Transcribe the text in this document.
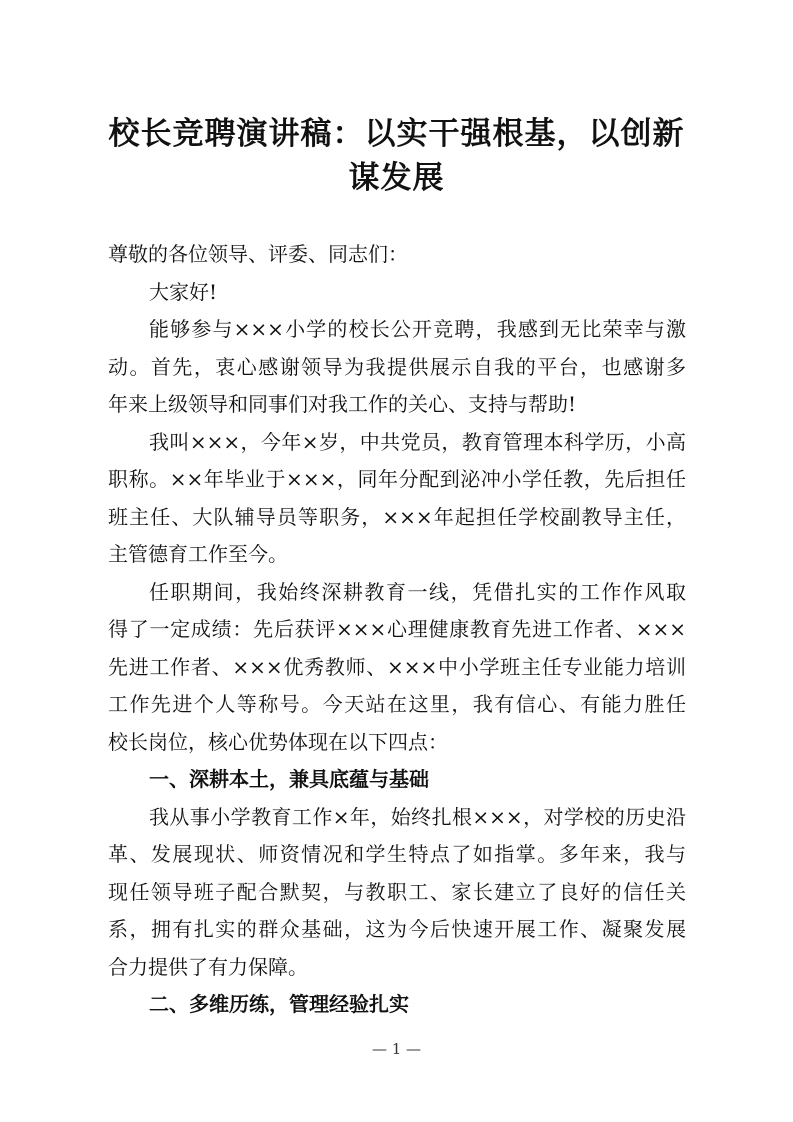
校长竞聘演讲稿：以实干强根基，以创新
谋发展
尊敬的各位领导、评委、同志们：
大家好!
能够参与×××小学的校长公开竞聘，我感到无比荣幸与激
动。首先，衷心感谢领导为我提供展示自我的平台，也感谢多
年来上级领导和同事们对我工作的关心、支持与帮助!
我叫×××，今年×岁，中共党员，教育管理本科学历，小高
职称。××年毕业于×××，同年分配到泌冲小学任教，先后担任
班主任、大队辅导员等职务，×××年起担任学校副教导主任，
主管德育工作至今。
任职期间，我始终深耕教育一线，凭借扎实的工作作风取
得了一定成绩：先后获评×××心理健康教育先进工作者、×××
先进工作者、×××优秀教师、×××中小学班主任专业能力培训
工作先进个人等称号。今天站在这里，我有信心、有能力胜任
校长岗位，核心优势体现在以下四点：
一、深耕本土，兼具底蕴与基础
我从事小学教育工作×年，始终扎根×××，对学校的历史沿
革、发展现状、师资情况和学生特点了如指掌。多年来，我与
现任领导班子配合默契，与教职工、家长建立了良好的信任关
系，拥有扎实的群众基础，这为今后快速开展工作、凝聚发展
合力提供了有力保障。
二、多维历练，管理经验扎实
— 1 —
